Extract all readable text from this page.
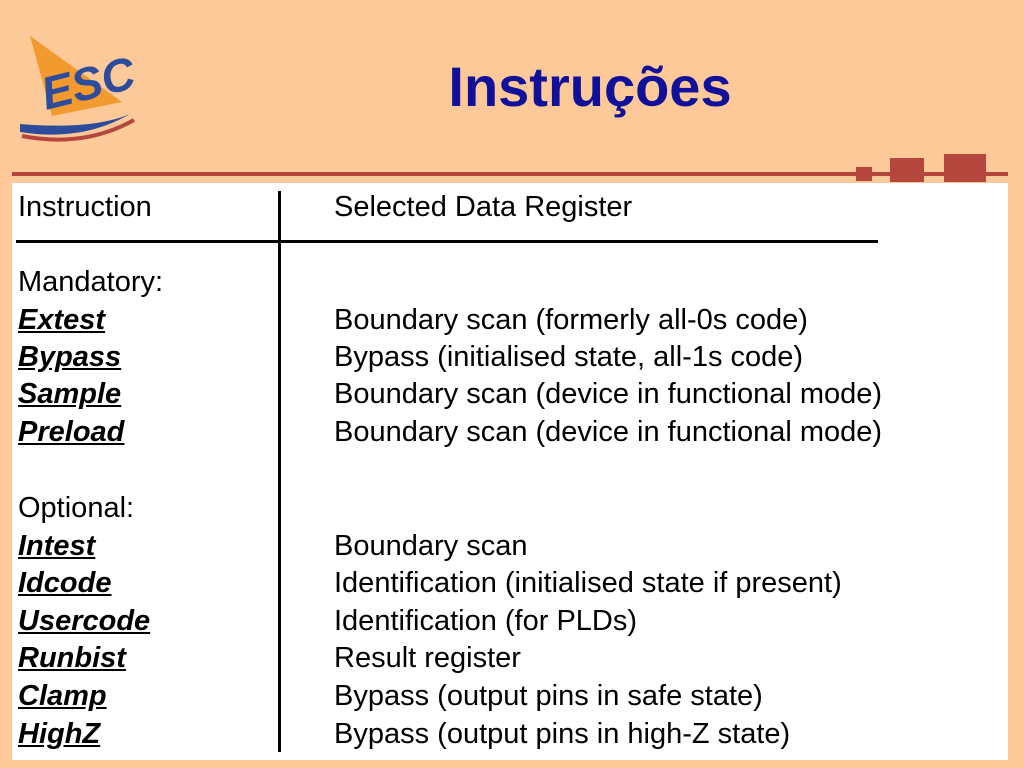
ESC	Instruções
Instruction	Selected Data Register
Mandatory:
Extest	Boundary scan (formerly all-0s code)
Bypass	Bypass (initialised state, all-1s code)
Sample	Boundary scan (device in functional mode)
Preload	Boundary scan (device in functional mode)
Optional:
Intest	Boundary scan
Idcode	Identification (initialised state if present)
Usercode	Identification (for PLDs)
Runbist	Result register
Clamp	Bypass (output pins in safe state)
HighZ	Bypass (output pins in high-Z state)
